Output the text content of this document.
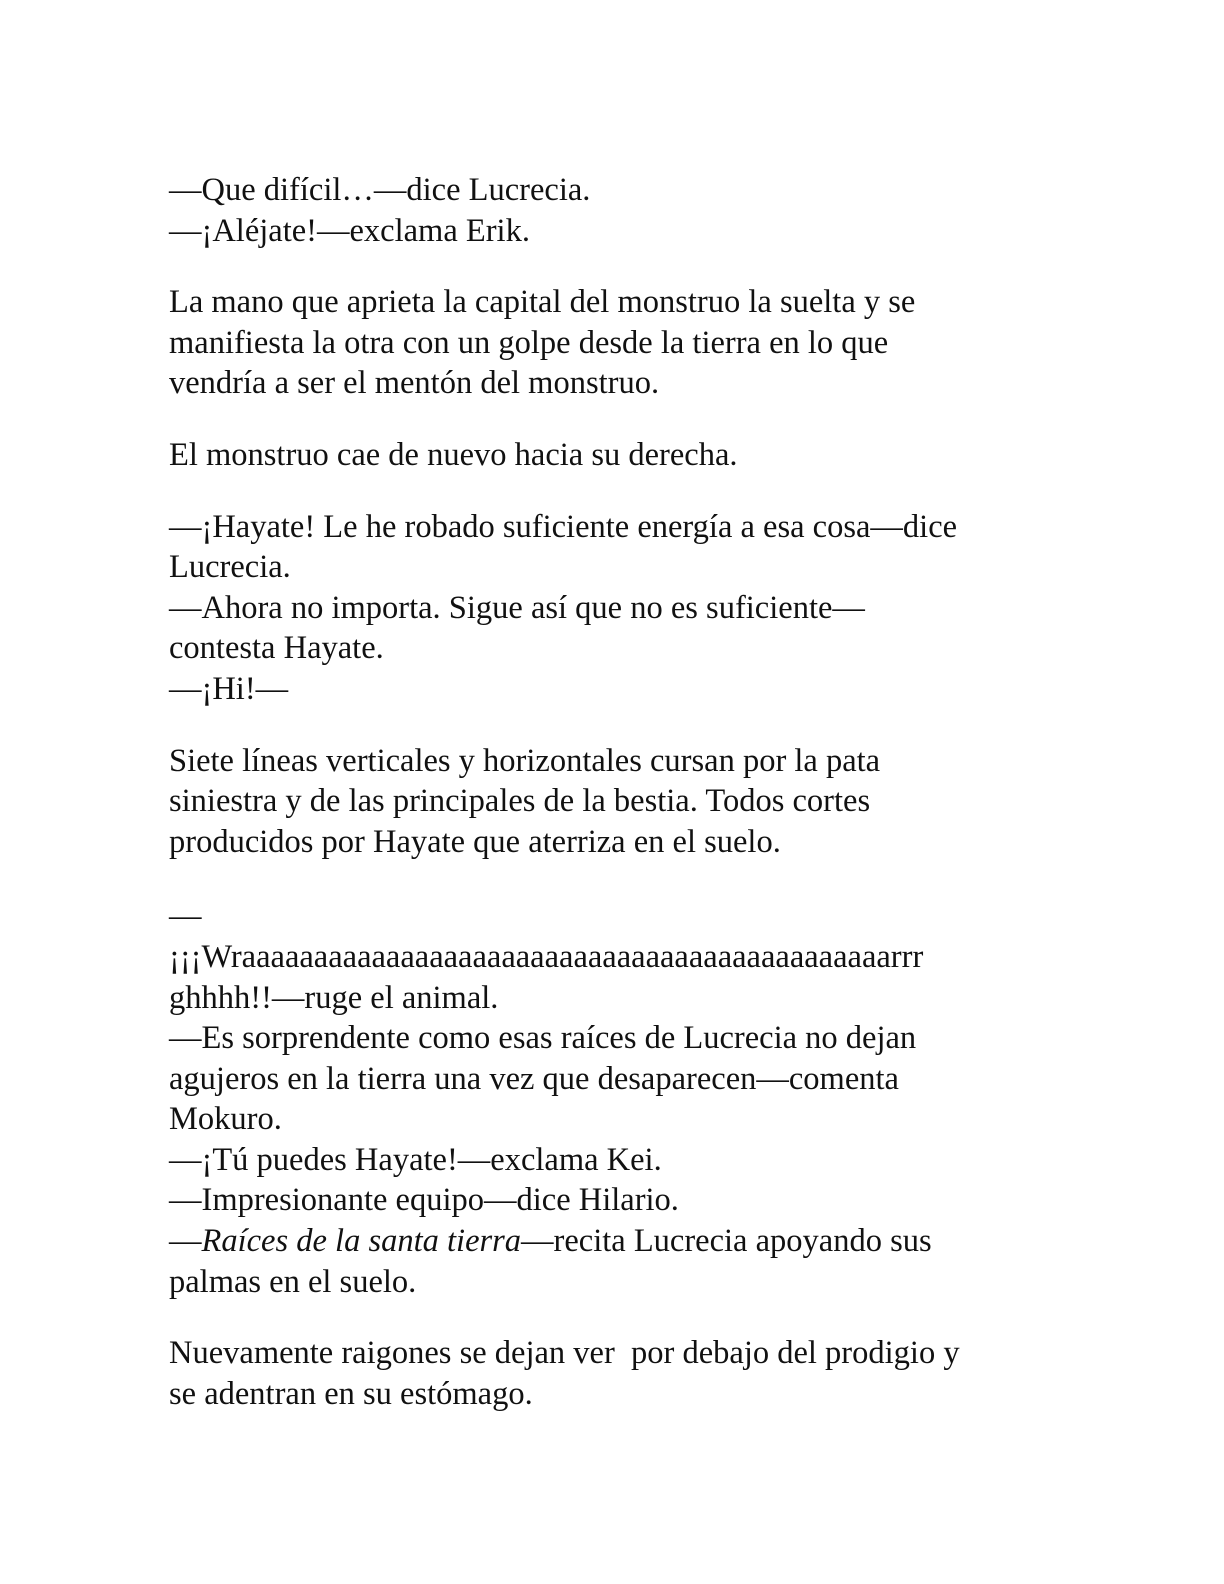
—Que difícil…—dice Lucrecia.
—¡Aléjate!—exclama Erik.
La mano que aprieta la capital del monstruo la suelta y se
manifiesta la otra con un golpe desde la tierra en lo que
vendría a ser el mentón del monstruo.
El monstruo cae de nuevo hacia su derecha.
—¡Hayate! Le he robado suficiente energía a esa cosa—dice
Lucrecia.
—Ahora no importa. Sigue así que no es suficiente—
contesta Hayate.
—¡Hi!—
Siete líneas verticales y horizontales cursan por la pata
siniestra y de las principales de la bestia. Todos cortes
producidos por Hayate que aterriza en el suelo.
—
¡¡¡Wraaaaaaaaaaaaaaaaaaaaaaaaaaaaaaaaaaaaaaaaaaaaarrr
ghhhh!!—ruge el animal.
—Es sorprendente como esas raíces de Lucrecia no dejan
agujeros en la tierra una vez que desaparecen—comenta
Mokuro.
—¡Tú puedes Hayate!—exclama Kei.
—Impresionante equipo—dice Hilario.
—Raíces de la santa tierra—recita Lucrecia apoyando sus
palmas en el suelo.
Nuevamente raigones se dejan ver  por debajo del prodigio y
se adentran en su estómago.
